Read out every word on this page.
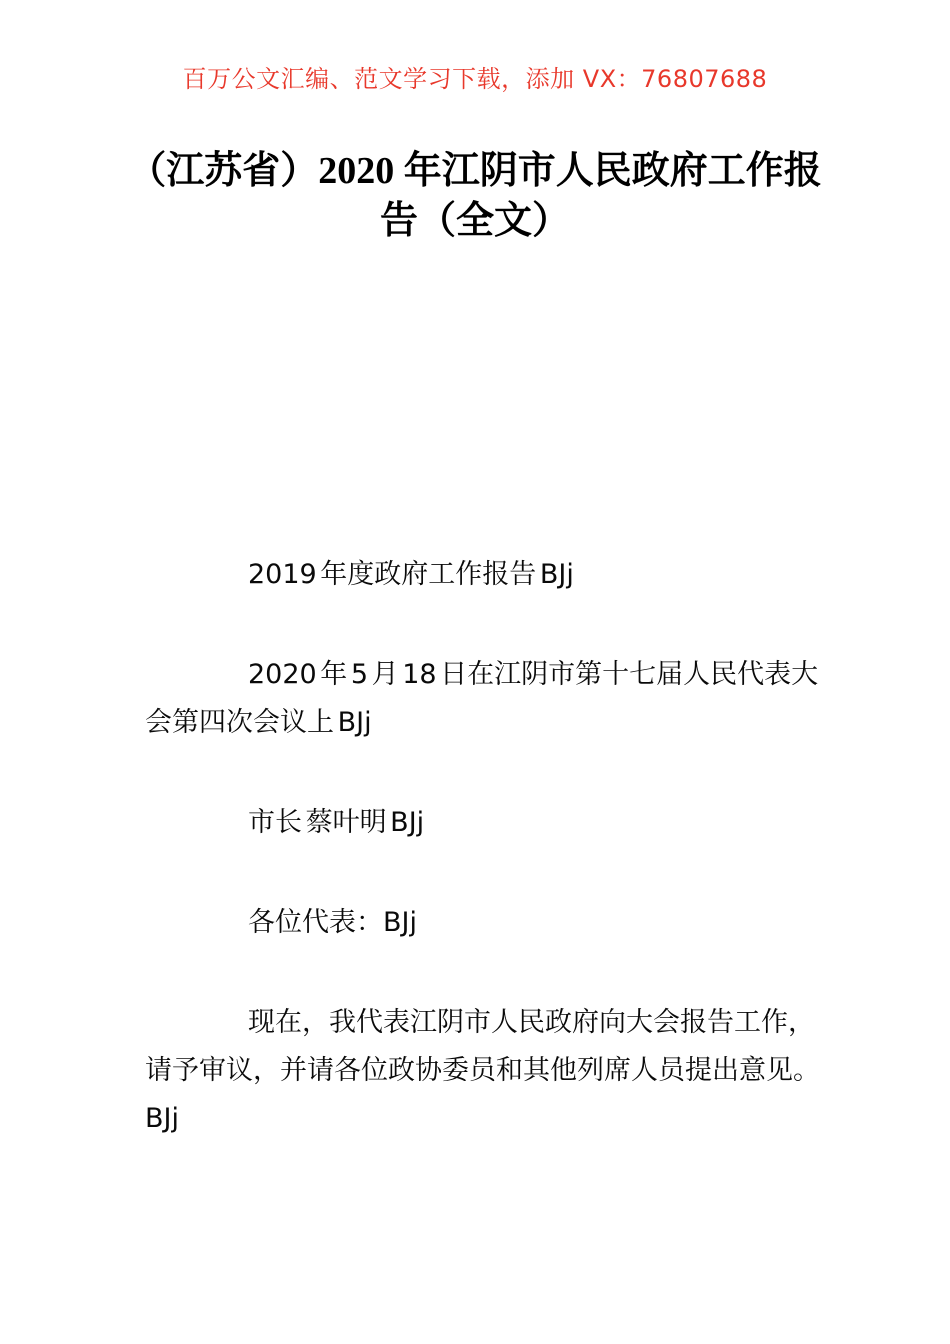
百万公文汇编、范文学习下载，添加 VX：76807688
（江苏省）2020 年江阴市人民政府工作报
告（全文）
2019 年度政府工作报告 BJj
2020 年 5 月 18 日在江阴市第十七届人民代表大
会第四次会议上 BJj
市长 蔡叶明 BJj
各位代表：BJj
现在，我代表江阴市人民政府向大会报告工作，
请予审议，并请各位政协委员和其他列席人员提出意见。
BJj
